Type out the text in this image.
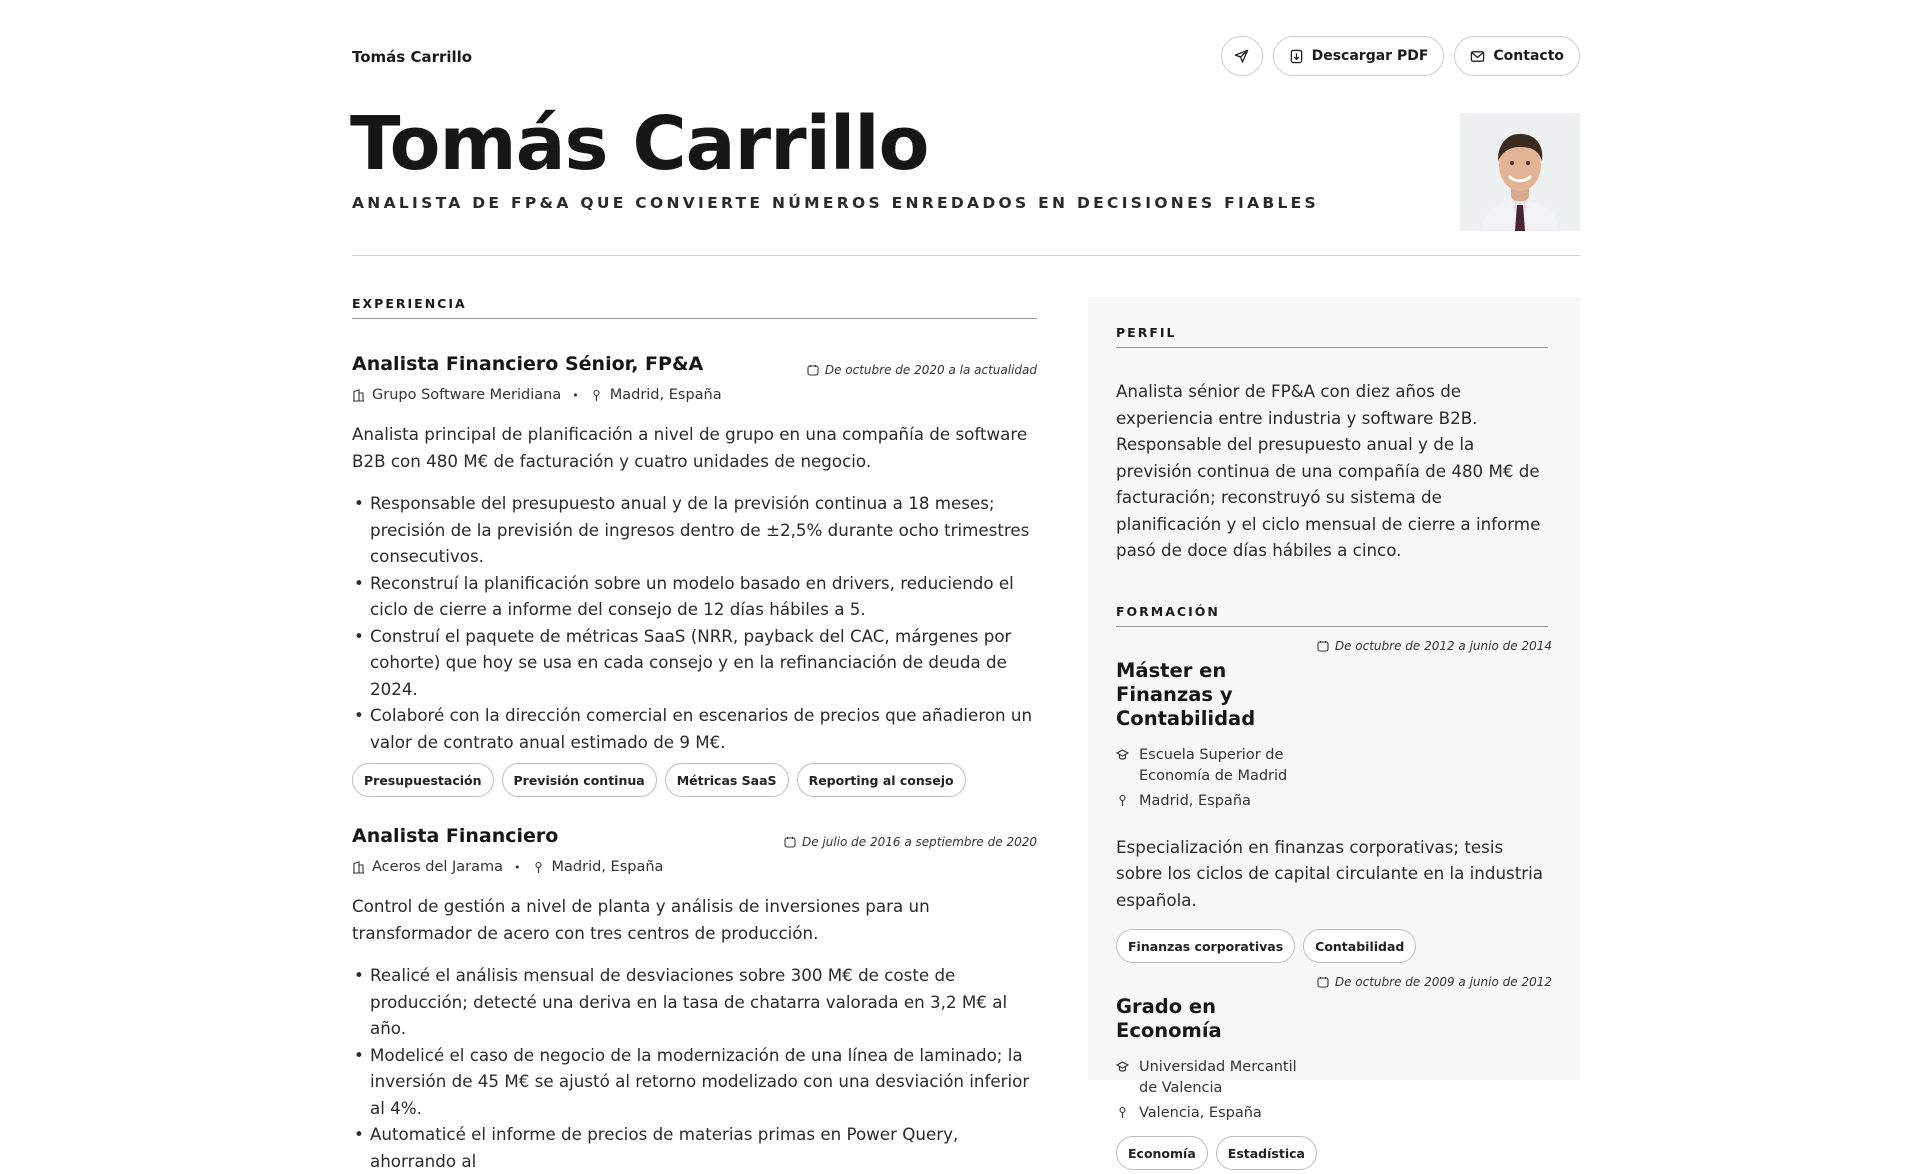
Tomás Carrillo	Descargar PDF	Contacto
Tomás Carrillo
ANALISTA DE FP&A QUE CONVIERTE NÚMEROS ENREDADOS EN DECISIONES FIABLES
EXPERIENCIA
Analista Financiero Sénior, FP&A	De octubre de 2020 a la actualidad
Grupo Software Meridiana • Madrid, España

Analista principal de planificación a nivel de grupo en una compañía de software B2B con 480 M€ de facturación y cuatro unidades de negocio.

• Responsable del presupuesto anual y de la previsión continua a 18 meses; precisión de la previsión de ingresos dentro de ±2,5% durante ocho trimestres consecutivos.
• Reconstruí la planificación sobre un modelo basado en drivers, reduciendo el ciclo de cierre a informe del consejo de 12 días hábiles a 5.
• Construí el paquete de métricas SaaS (NRR, payback del CAC, márgenes por cohorte) que hoy se usa en cada consejo y en la refinanciación de deuda de 2024.
• Colaboré con la dirección comercial en escenarios de precios que añadieron un valor de contrato anual estimado de 9 M€.
Presupuestación	Previsión continua	Métricas SaaS	Reporting al consejo
Analista Financiero	De julio de 2016 a septiembre de 2020
Aceros del Jarama • Madrid, España

Control de gestión a nivel de planta y análisis de inversiones para un transformador de acero con tres centros de producción.

• Realicé el análisis mensual de desviaciones sobre 300 M€ de coste de producción; detecté una deriva en la tasa de chatarra valorada en 3,2 M€ al año.
• Modelicé el caso de negocio de la modernización de una línea de laminado; la inversión de 45 M€ se ajustó al retorno modelizado con una desviación inferior al 4%.
• Automaticé el informe de precios de materias primas en Power Query, ahorrando al
PERFIL

Analista sénior de FP&A con diez años de experiencia entre industria y software B2B. Responsable del presupuesto anual y de la previsión continua de una compañía de 480 M€ de facturación; reconstruyó su sistema de planificación y el ciclo mensual de cierre a informe pasó de doce días hábiles a cinco.

FORMACIÓN
De octubre de 2012 a junio de 2014
Máster en Finanzas y Contabilidad
Escuela Superior de Economía de Madrid
Madrid, España

Especialización en finanzas corporativas; tesis sobre los ciclos de capital circulante en la industria española.

Finanzas corporativas	Contabilidad
De octubre de 2009 a junio de 2012
Grado en Economía
Universidad Mercantil de Valencia
Valencia, España
Economía	Estadística
